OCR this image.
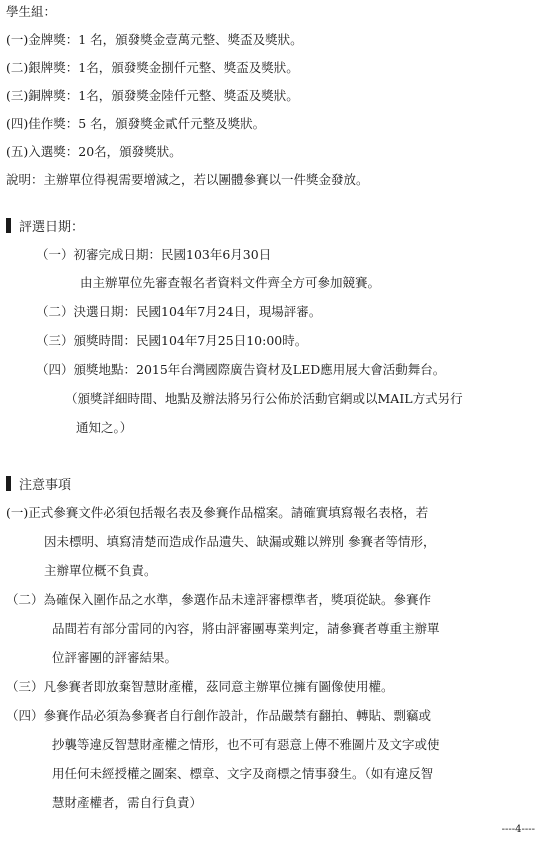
學生組：
(一)金牌獎：1 名，頒發獎金壹萬元整、獎盃及獎狀。
(二)銀牌獎：1名，頒發獎金捌仟元整、獎盃及獎狀。
(三)銅牌獎：1名，頒發獎金陸仟元整、獎盃及獎狀。
(四)佳作獎：5 名，頒發獎金貳仟元整及獎狀。
(五)入選獎：20名，頒發獎狀。
說明：主辦單位得視需要增減之，若以團體參賽以一件獎金發放。
評選日期：
（一）初審完成日期：民國103年6月30日
由主辦單位先審查報名者資料文件齊全方可參加競賽。
（二）決選日期：民國104年7月24日，現場評審。
（三）頒獎時間：民國104年7月25日10:00時。
（四）頒獎地點：2015年台灣國際廣告資材及LED應用展大會活動舞台。
（頒獎詳細時間、地點及辦法將另行公佈於活動官網或以MAIL方式另行
通知之。）
注意事項
(一)正式參賽文件必須包括報名表及參賽作品檔案。請確實填寫報名表格，若
因未標明、填寫清楚而造成作品遺失、缺漏或難以辨別 參賽者等情形，
主辦單位概不負責。
（二）為確保入圍作品之水準，參選作品未達評審標準者，獎項從缺。參賽作
品間若有部分雷同的內容，將由評審團專業判定，請參賽者尊重主辦單
位評審團的評審結果。
（三）凡參賽者即放棄智慧財產權，茲同意主辦單位擁有圖像使用權。
（四）參賽作品必須為參賽者自行創作設計，作品嚴禁有翻拍、轉貼、剽竊或
抄襲等違反智慧財產權之情形，也不可有惡意上傳不雅圖片及文字或使
用任何未經授權之圖案、標章、文字及商標之情事發生。（如有違反智
慧財產權者，需自行負責）
----4----
